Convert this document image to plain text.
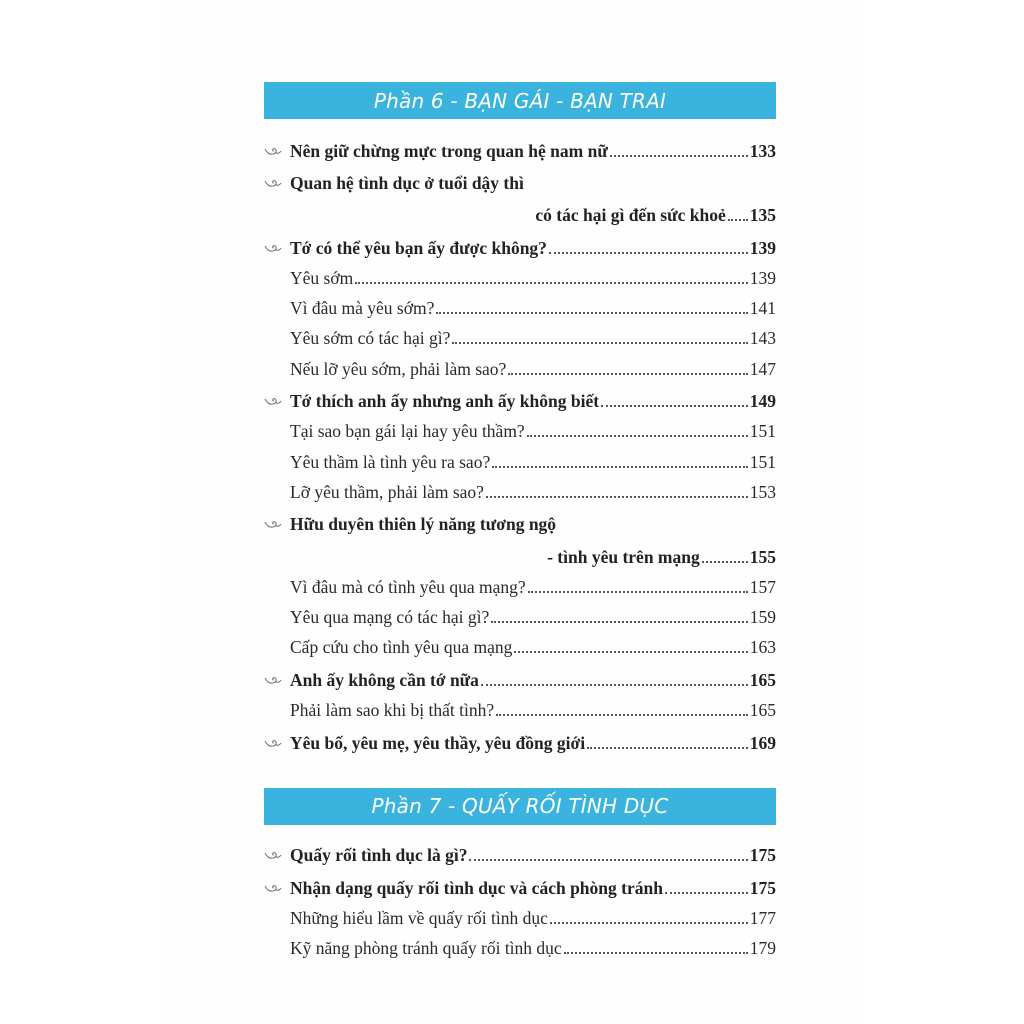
Phần 6 - BẠN GÁI - BẠN TRAI
Nên giữ chừng mực trong quan hệ nam nữ	133
Quan hệ tình dục ở tuổi dậy thì
có tác hại gì đến sức khoẻ 135
Tớ có thể yêu bạn ấy được không?	139
Yêu sớm	139
Vì đâu mà yêu sớm?	141
Yêu sớm có tác hại gì?	143
Nếu lỡ yêu sớm, phải làm sao?	147
Tớ thích anh ấy nhưng anh ấy không biết	149
Tại sao bạn gái lại hay yêu thầm?	151
Yêu thầm là tình yêu ra sao?	151
Lỡ yêu thầm, phải làm sao?	153
Hữu duyên thiên lý năng tương ngộ
- tình yêu trên mạng	155
Vì đâu mà có tình yêu qua mạng?	157
Yêu qua mạng có tác hại gì?	159
Cấp cứu cho tình yêu qua mạng	163
Anh ấy không cần tớ nữa	165
Phải làm sao khi bị thất tình?	165
Yêu bố, yêu mẹ, yêu thầy, yêu đồng giới	169
Phần 7 - QUẤY RỐI TÌNH DỤC
Quấy rối tình dục là gì?	175
Nhận dạng quấy rối tình dục và cách phòng tránh	175
Những hiểu lầm về quấy rối tình dục	177
Kỹ năng phòng tránh quấy rối tình dục	179
